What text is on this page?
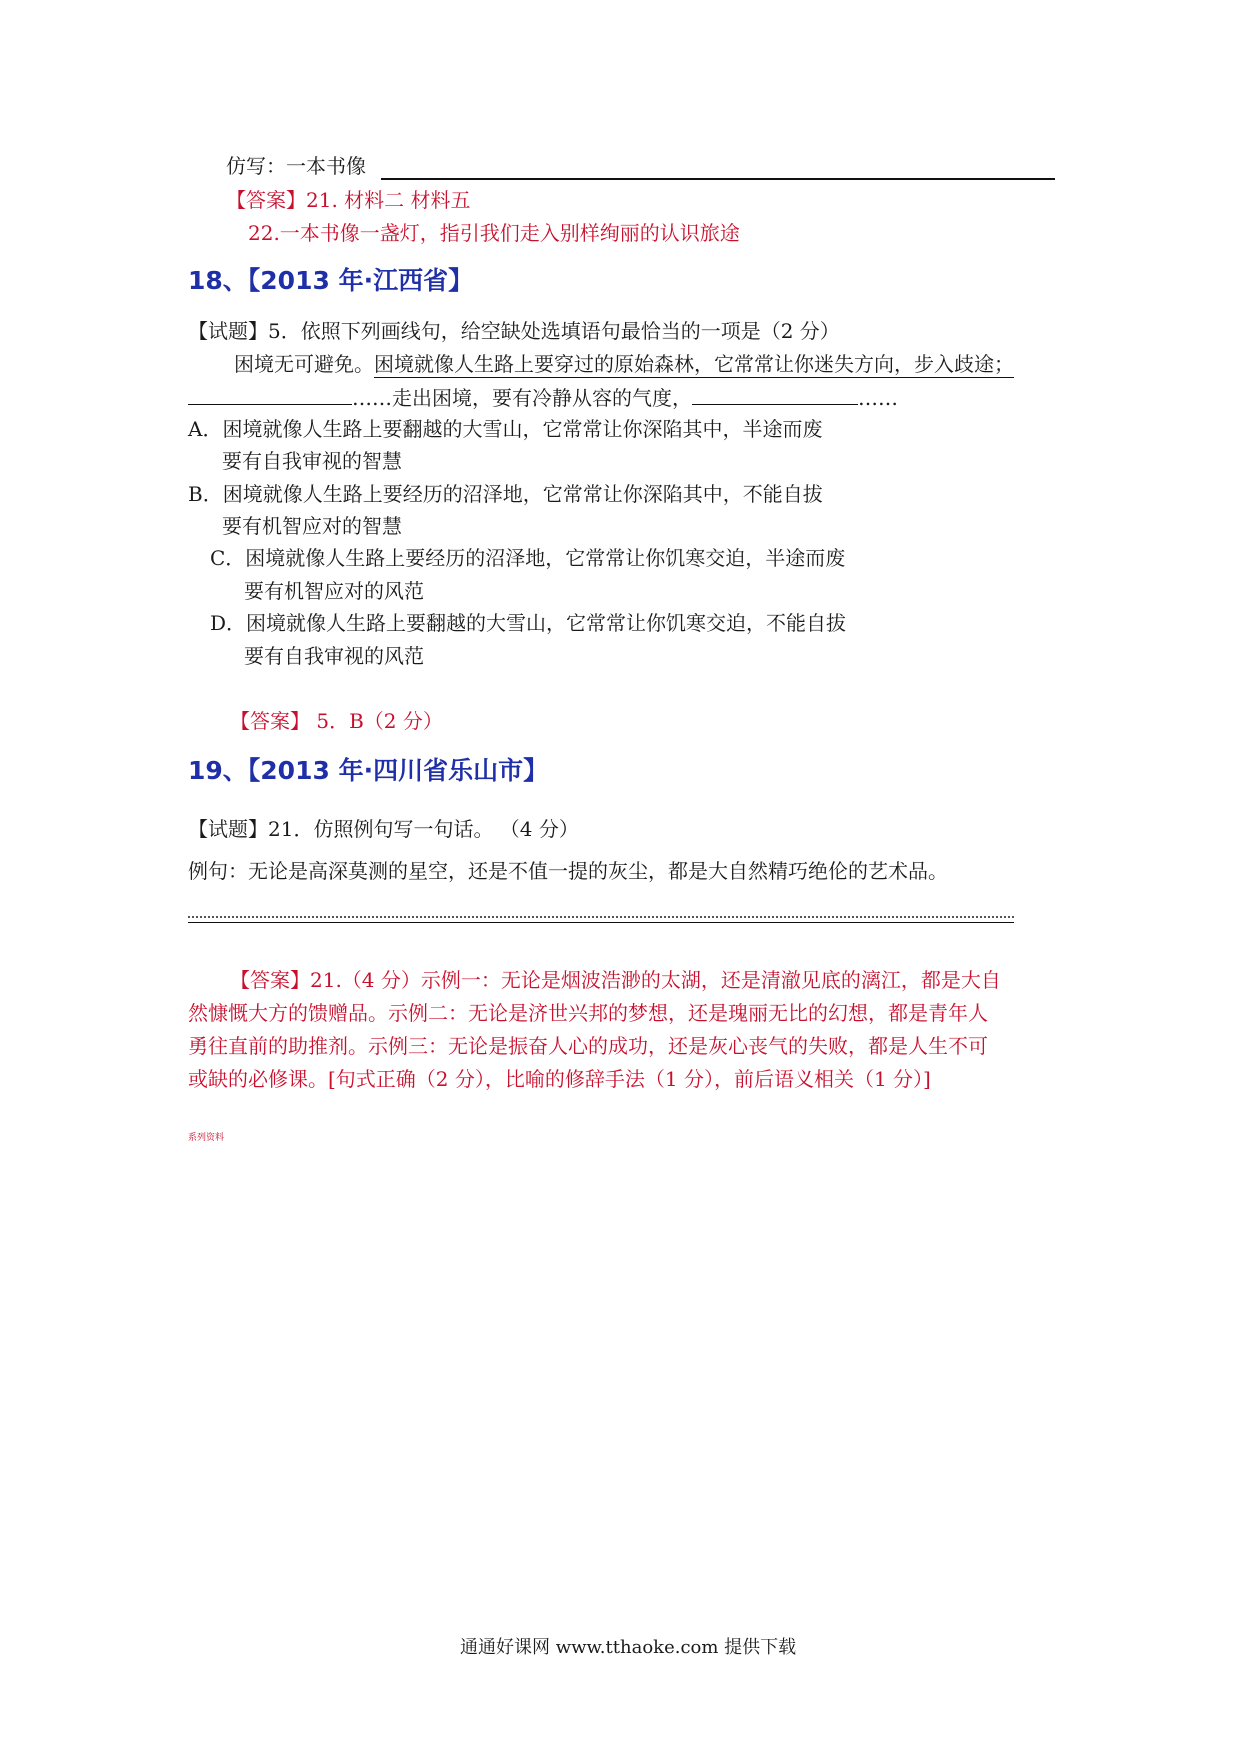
仿写：一本书像
【答案】21. 材料二 材料五
22.一本书像一盏灯，指引我们走入别样绚丽的认识旅途
18、【2013 年·江西省】
【试题】5．依照下列画线句，给空缺处选填语句最恰当的一项是（2 分）
困境无可避免。困境就像人生路上要穿过的原始森林，它常常让你迷失方向，步入歧途；
……走出困境，要有冷静从容的气度，	……
A．困境就像人生路上要翻越的大雪山，它常常让你深陷其中，半途而废
要有自我审视的智慧
B．困境就像人生路上要经历的沼泽地，它常常让你深陷其中，不能自拔
要有机智应对的智慧
C．困境就像人生路上要经历的沼泽地，它常常让你饥寒交迫，半途而废
要有机智应对的风范
D．困境就像人生路上要翻越的大雪山，它常常让你饥寒交迫，不能自拔
要有自我审视的风范
【答案】 5．B（2 分）
19、【2013 年·四川省乐山市】
【试题】21．仿照例句写一句话。 （4 分）
例句：无论是高深莫测的星空，还是不值一提的灰尘，都是大自然精巧绝伦的艺术品。
【答案】21.（4 分）示例一：无论是烟波浩渺的太湖，还是清澈见底的漓江，都是大自
然慷慨大方的馈赠品。示例二：无论是济世兴邦的梦想，还是瑰丽无比的幻想，都是青年人
勇往直前的助推剂。示例三：无论是振奋人心的成功，还是灰心丧气的失败，都是人生不可
或缺的必修课。[句式正确（2 分），比喻的修辞手法（1 分），前后语义相关（1 分）]
系列资料
通通好课网 www.tthaoke.com 提供下载
